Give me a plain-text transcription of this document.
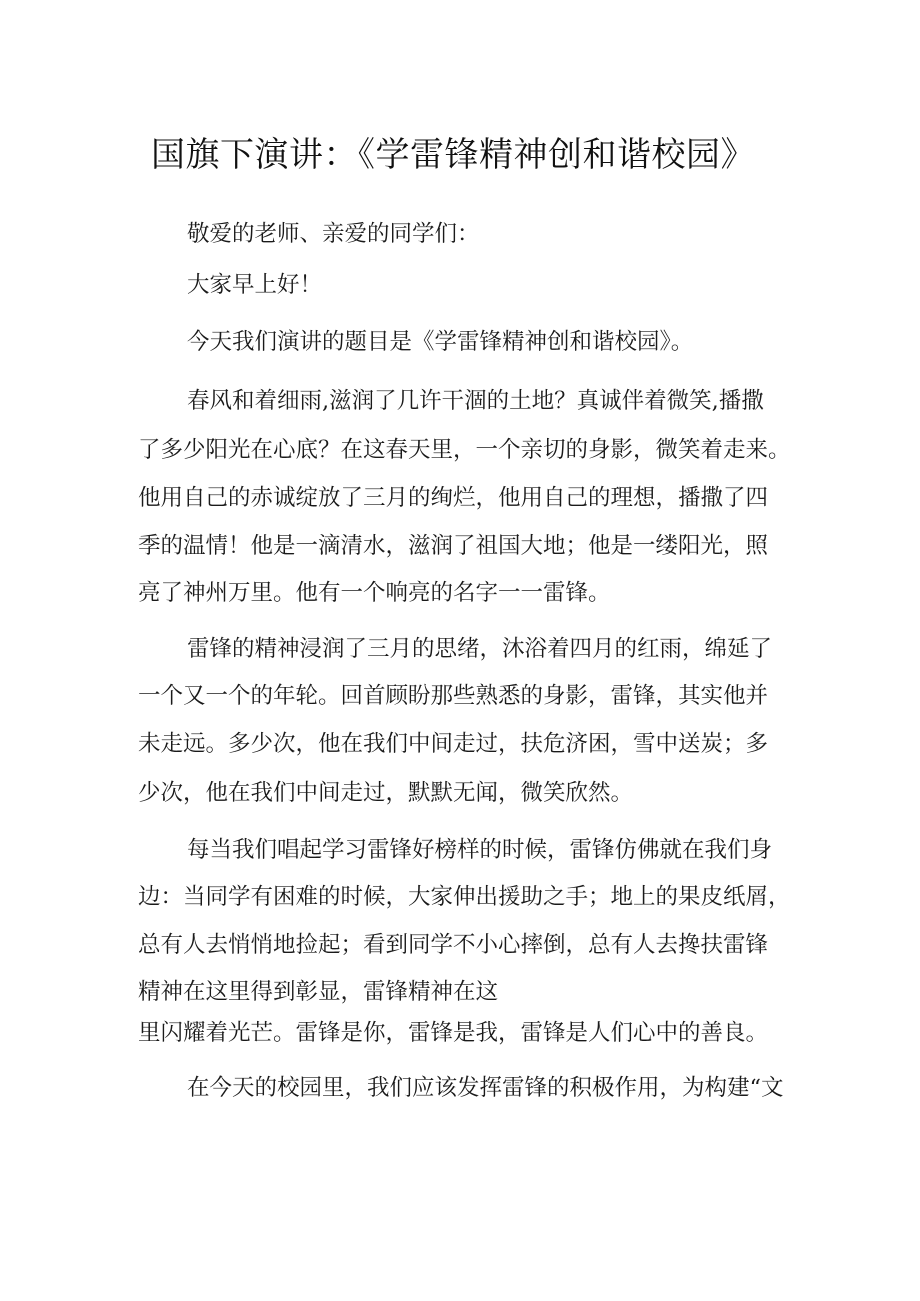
国旗下演讲：《学雷锋精神创和谐校园》

敬爱的老师、亲爱的同学们：

大家早上好！

今天我们演讲的题目是《学雷锋精神创和谐校园》。

春风和着细雨,滋润了几许干涸的土地？真诚伴着微笑,播撒

了多少阳光在心底？在这春天里，一个亲切的身影，微笑着走来。

他用自己的赤诚绽放了三月的绚烂，他用自己的理想，播撒了四

季的温情！他是一滴清水，滋润了祖国大地；他是一缕阳光，照

亮了神州万里。他有一个响亮的名字一一雷锋。

雷锋的精神浸润了三月的思绪，沐浴着四月的红雨，绵延了

一个又一个的年轮。回首顾盼那些熟悉的身影，雷锋，其实他并

未走远。多少次，他在我们中间走过，扶危济困，雪中送炭；多

少次，他在我们中间走过，默默无闻，微笑欣然。

每当我们唱起学习雷锋好榜样的时候，雷锋仿佛就在我们身

边：当同学有困难的时候，大家伸出援助之手；地上的果皮纸屑，

总有人去悄悄地捡起；看到同学不小心摔倒，总有人去搀扶雷锋

精神在这里得到彰显，雷锋精神在这

里闪耀着光芒。雷锋是你，雷锋是我，雷锋是人们心中的善良。

在今天的校园里，我们应该发挥雷锋的积极作用，为构建“文
